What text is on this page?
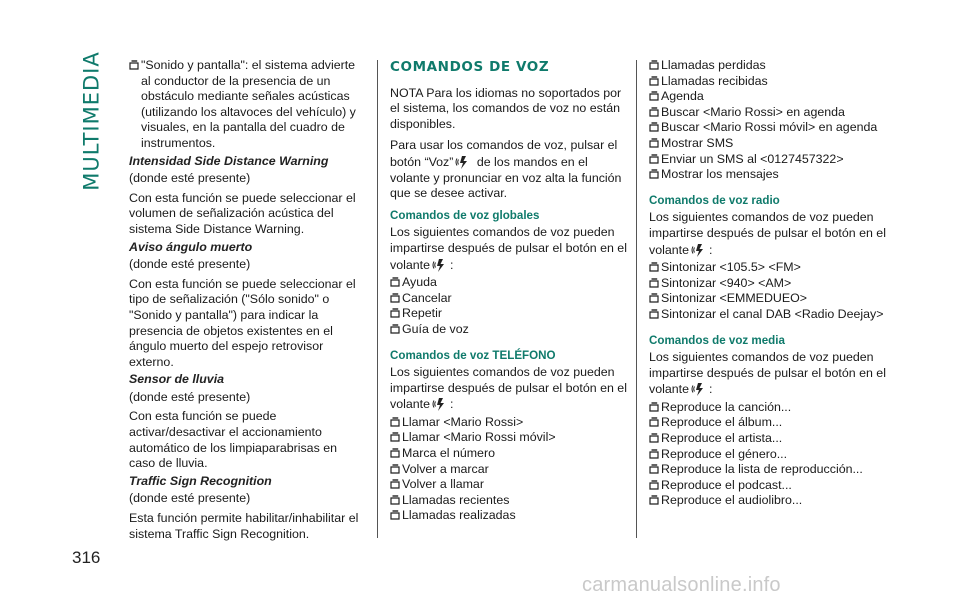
MULTIMEDIA	"Sonido y pantalla": el sistema advierte al conductor de la presencia de un obstáculo mediante señales acústicas (utilizando los altavoces del vehículo) y visuales, en la pantalla del cuadro de instrumentos.

Intensidad Side Distance Warning

(donde esté presente)

Con esta función se puede seleccionar el volumen de señalización acústica del sistema Side Distance Warning.

Aviso ángulo muerto

(donde esté presente)

Con esta función se puede seleccionar el tipo de señalización ("Sólo sonido" o "Sonido y pantalla") para indicar la presencia de objetos existentes en el ángulo muerto del espejo retrovisor externo.

Sensor de lluvia

(donde esté presente)

Con esta función se puede activar/desactivar el accionamiento automático de los limpiaparabrisas en caso de lluvia.

Traffic Sign Recognition

(donde esté presente)

Esta función permite habilitar/inhabilitar el sistema Traffic Sign Recognition.

COMANDOS DE VOZ

NOTA Para los idiomas no soportados por el sistema, los comandos de voz no están disponibles.

Para usar los comandos de voz, pulsar el botón “Voz” de los mandos en el volante y pronunciar en voz alta la función que se desee activar.

Comandos de voz globales

Los siguientes comandos de voz pueden impartirse después de pulsar el botón en el volante :

Ayuda
Cancelar
Repetir
Guía de voz

Comandos de voz TELÉFONO

Los siguientes comandos de voz pueden impartirse después de pulsar el botón en el volante :

Llamar <Mario Rossi>
Llamar <Mario Rossi móvil>
Marca el número
Volver a marcar
Volver a llamar
Llamadas recientes
Llamadas realizadas
Llamadas perdidas
Llamadas recibidas
Agenda
Buscar <Mario Rossi> en agenda
Buscar <Mario Rossi móvil> en agenda
Mostrar SMS
Enviar un SMS al <0127457322>
Mostrar los mensajes

Comandos de voz radio

Los siguientes comandos de voz pueden impartirse después de pulsar el botón en el volante :

Sintonizar <105.5> <FM>
Sintonizar <940> <AM>
Sintonizar <EMMEDUEO>
Sintonizar el canal DAB <Radio Deejay>

Comandos de voz media

Los siguientes comandos de voz pueden impartirse después de pulsar el botón en el volante :

Reproduce la canción...
Reproduce el álbum...
Reproduce el artista...
Reproduce el género...
Reproduce la lista de reproducción...
Reproduce el podcast...
Reproduce el audiolibro...
316
carmanualsonline.info
